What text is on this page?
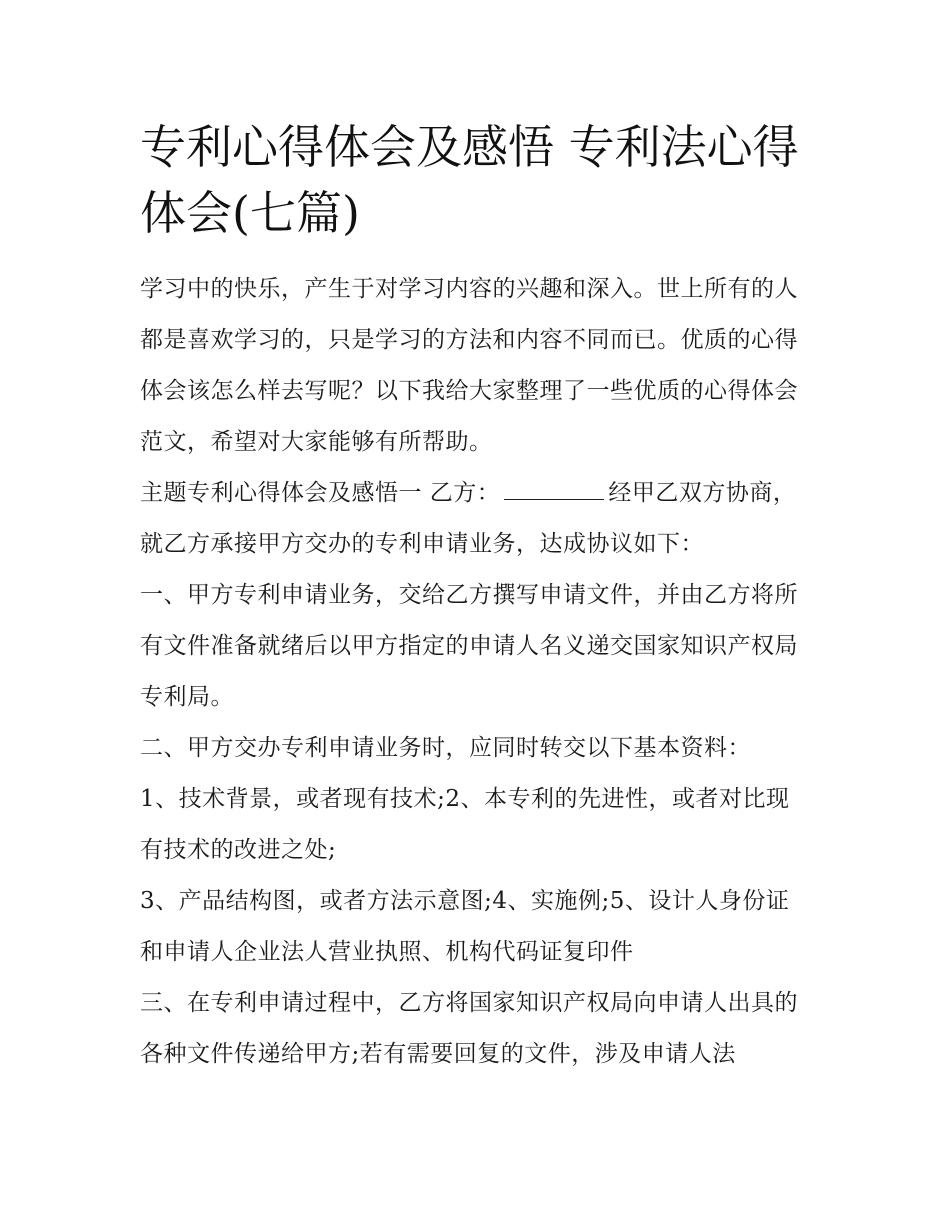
专利心得体会及感悟 专利法心得体会(七篇)

学习中的快乐，产生于对学习内容的兴趣和深入。世上所有的人都是喜欢学习的，只是学习的方法和内容不同而已。优质的心得体会该怎么样去写呢？以下我给大家整理了一些优质的心得体会范文，希望对大家能够有所帮助。

主题专利心得体会及感悟一 乙方：	经甲乙双方协商，就乙方承接甲方交办的专利申请业务，达成协议如下：

一、甲方专利申请业务，交给乙方撰写申请文件，并由乙方将所有文件准备就绪后以甲方指定的申请人名义递交国家知识产权局专利局。

二、甲方交办专利申请业务时，应同时转交以下基本资料：

1、技术背景，或者现有技术;2、本专利的先进性，或者对比现有技术的改进之处;

3、产品结构图，或者方法示意图;4、实施例;5、设计人身份证和申请人企业法人营业执照、机构代码证复印件

三、在专利申请过程中，乙方将国家知识产权局向申请人出具的各种文件传递给甲方;若有需要回复的文件，涉及申请人法
